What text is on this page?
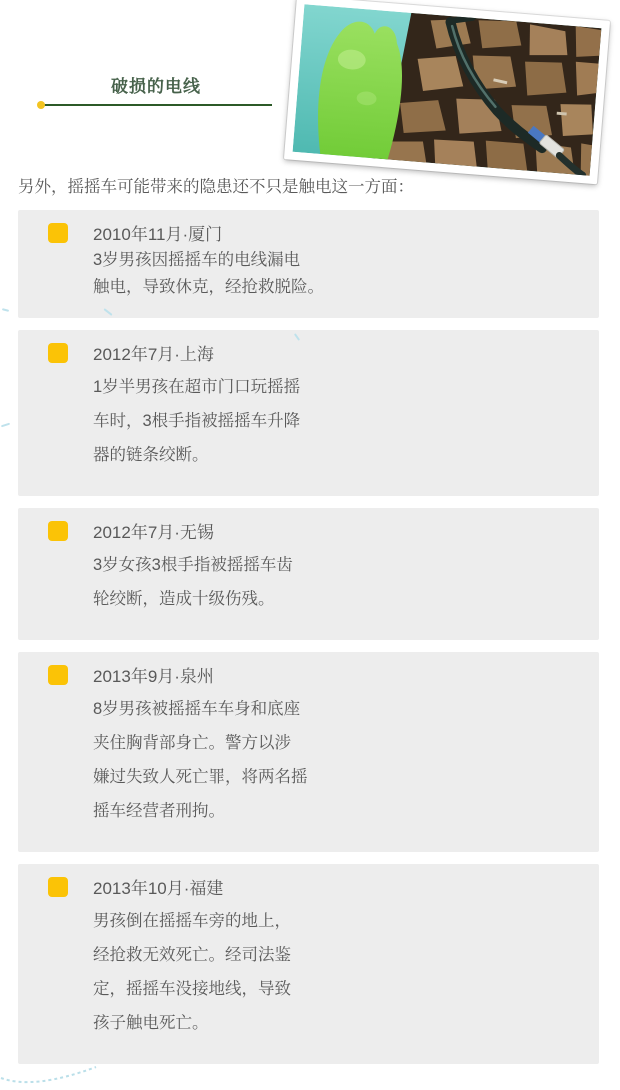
破损的电线

另外，摇摇车可能带来的隐患还不只是触电这一方面：

2010年11月·厦门
3岁男孩因摇摇车的电线漏电
触电，导致休克，经抢救脱险。
2012年7月·上海
1岁半男孩在超市门口玩摇摇
车时，3根手指被摇摇车升降
器的链条绞断。
2012年7月·无锡
3岁女孩3根手指被摇摇车齿
轮绞断，造成十级伤残。
2013年9月·泉州
8岁男孩被摇摇车车身和底座
夹住胸背部身亡。警方以涉
嫌过失致人死亡罪，将两名摇
摇车经营者刑拘。
2013年10月·福建
男孩倒在摇摇车旁的地上，
经抢救无效死亡。经司法鉴
定，摇摇车没接地线，导致
孩子触电死亡。
